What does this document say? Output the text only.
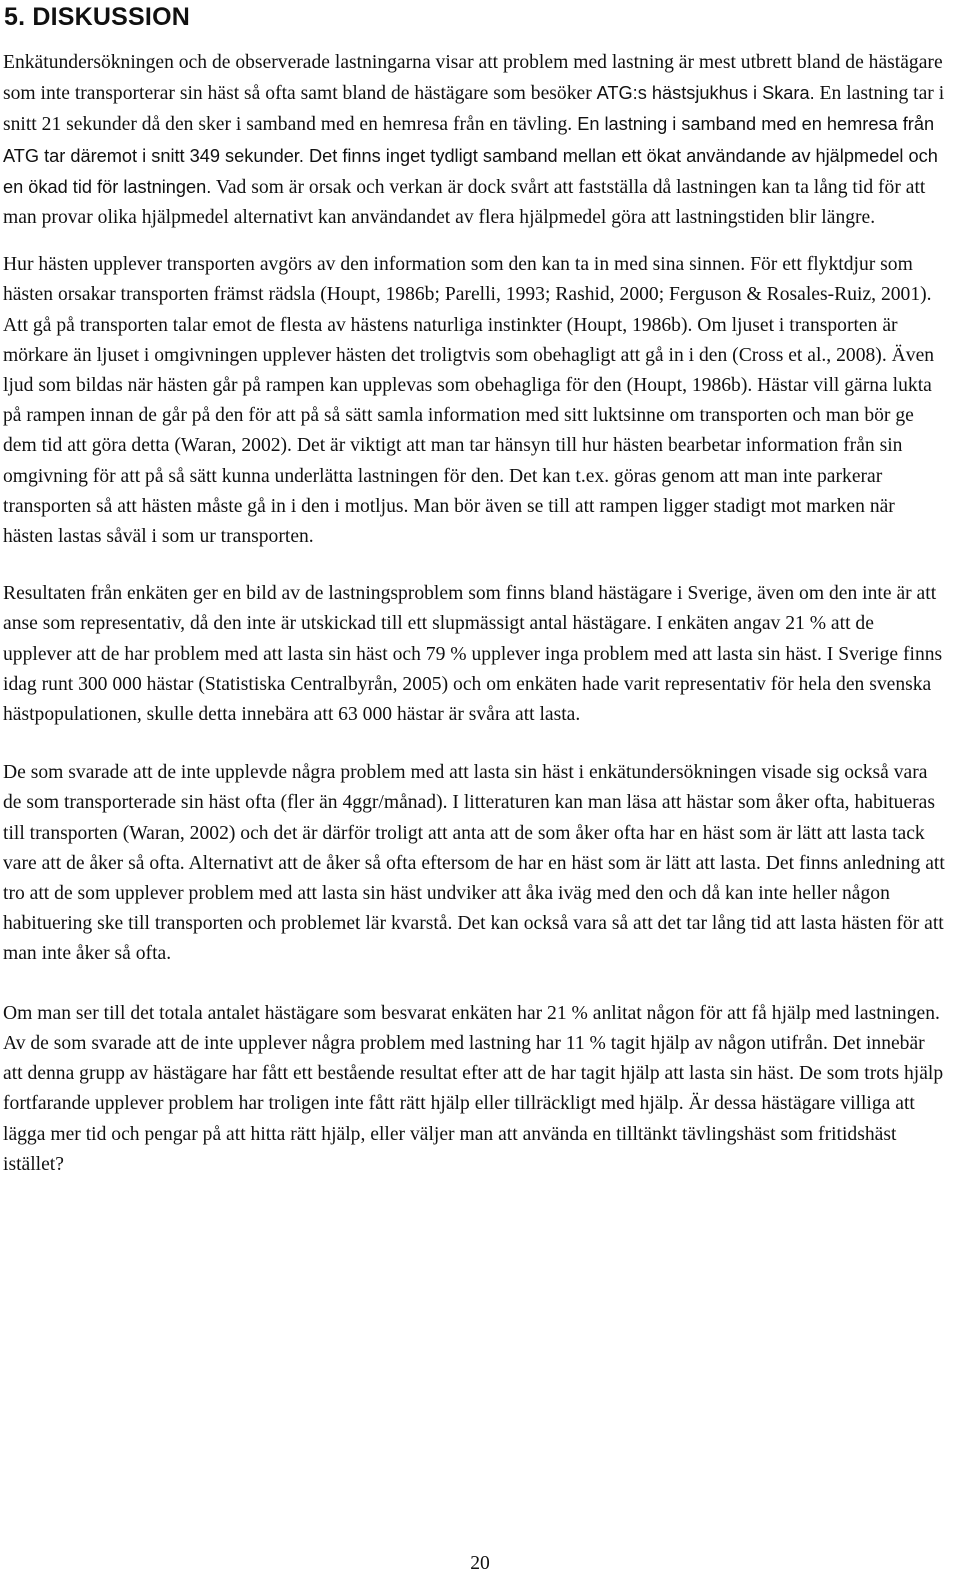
5. DISKUSSION

Enkätundersökningen och de observerade lastningarna visar att problem med lastning är mest utbrett bland de hästägare som inte transporterar sin häst så ofta samt bland de hästägare som besöker ATG:s hästsjukhus i Skara. En lastning tar i snitt 21 sekunder då den sker i samband med en hemresa från en tävling. En lastning i samband med en hemresa från ATG tar däremot i snitt 349 sekunder. Det finns inget tydligt samband mellan ett ökat användande av hjälpmedel och en ökad tid för lastningen. Vad som är orsak och verkan är dock svårt att fastställa då lastningen kan ta lång tid för att man provar olika hjälpmedel alternativt kan användandet av flera hjälpmedel göra att lastningstiden blir längre.

Hur hästen upplever transporten avgörs av den information som den kan ta in med sina sinnen. För ett flyktdjur som hästen orsakar transporten främst rädsla (Houpt, 1986b; Parelli, 1993; Rashid, 2000; Ferguson & Rosales-Ruiz, 2001). Att gå på transporten talar emot de flesta av hästens naturliga instinkter (Houpt, 1986b). Om ljuset i transporten är mörkare än ljuset i omgivningen upplever hästen det troligtvis som obehagligt att gå in i den (Cross et al., 2008). Även ljud som bildas när hästen går på rampen kan upplevas som obehagliga för den (Houpt, 1986b). Hästar vill gärna lukta på rampen innan de går på den för att på så sätt samla information med sitt luktsinne om transporten och man bör ge dem tid att göra detta (Waran, 2002). Det är viktigt att man tar hänsyn till hur hästen bearbetar information från sin omgivning för att på så sätt kunna underlätta lastningen för den. Det kan t.ex. göras genom att man inte parkerar transporten så att hästen måste gå in i den i motljus. Man bör även se till att rampen ligger stadigt mot marken när hästen lastas såväl i som ur transporten.

Resultaten från enkäten ger en bild av de lastningsproblem som finns bland hästägare i Sverige, även om den inte är att anse som representativ, då den inte är utskickad till ett slupmässigt antal hästägare. I enkäten angav 21 % att de upplever att de har problem med att lasta sin häst och 79 % upplever inga problem med att lasta sin häst. I Sverige finns idag runt 300 000 hästar (Statistiska Centralbyrån, 2005) och om enkäten hade varit representativ för hela den svenska hästpopulationen, skulle detta innebära att 63 000 hästar är svåra att lasta.

De som svarade att de inte upplevde några problem med att lasta sin häst i enkätundersökningen visade sig också vara de som transporterade sin häst ofta (fler än 4ggr/månad). I litteraturen kan man läsa att hästar som åker ofta, habitueras till transporten (Waran, 2002) och det är därför troligt att anta att de som åker ofta har en häst som är lätt att lasta tack vare att de åker så ofta. Alternativt att de åker så ofta eftersom de har en häst som är lätt att lasta. Det finns anledning att tro att de som upplever problem med att lasta sin häst undviker att åka iväg med den och då kan inte heller någon habituering ske till transporten och problemet lär kvarstå. Det kan också vara så att det tar lång tid att lasta hästen för att man inte åker så ofta.

Om man ser till det totala antalet hästägare som besvarat enkäten har 21 % anlitat någon för att få hjälp med lastningen. Av de som svarade att de inte upplever några problem med lastning har 11 % tagit hjälp av någon utifrån. Det innebär att denna grupp av hästägare har fått ett bestående resultat efter att de har tagit hjälp att lasta sin häst. De som trots hjälp fortfarande upplever problem har troligen inte fått rätt hjälp eller tillräckligt med hjälp. Är dessa hästägare villiga att lägga mer tid och pengar på att hitta rätt hjälp, eller väljer man att använda en tilltänkt tävlingshäst som fritidshäst istället?

20
